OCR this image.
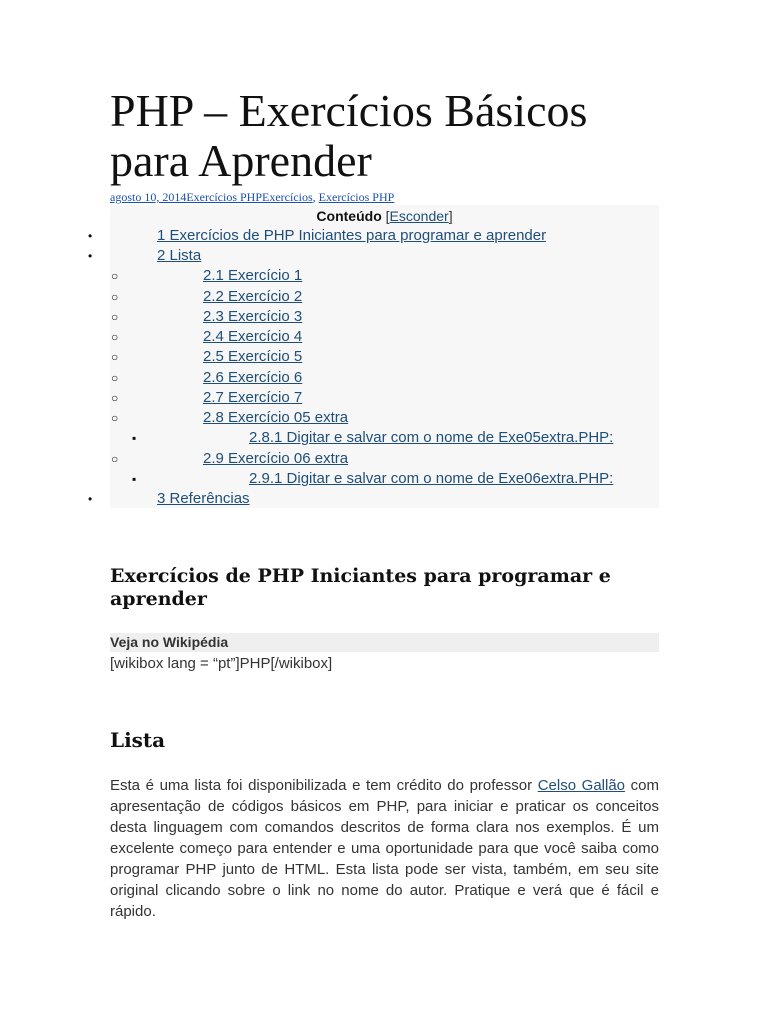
PHP – Exercícios Básicos para Aprender
agosto 10, 2014Exercícios PHPExercícios, Exercícios PHP
Conteúdo [Esconder]
•	1 Exercícios de PHP Iniciantes para programar e aprender
•	2 Lista
○	2.1 Exercício 1
○	2.2 Exercício 2
○	2.3 Exercício 3
○	2.4 Exercício 4
○	2.5 Exercício 5
○	2.6 Exercício 6
○	2.7 Exercício 7
○	2.8 Exercício 05 extra
▪	2.8.1 Digitar e salvar com o nome de Exe05extra.PHP:
○	2.9 Exercício 06 extra
▪	2.9.1 Digitar e salvar com o nome de Exe06extra.PHP:
•	3 Referências
Exercícios de PHP Iniciantes para programar e aprender
Veja no Wikipédia
[wikibox lang = “pt”]PHP[/wikibox]
Lista

Esta é uma lista foi disponibilizada e tem crédito do professor Celso Gallão com apresentação de códigos básicos em PHP, para iniciar e praticar os conceitos desta linguagem com comandos descritos de forma clara nos exemplos. É um excelente começo para entender e uma oportunidade para que você saiba como programar PHP junto de HTML. Esta lista pode ser vista, também, em seu site original clicando sobre o link no nome do autor. Pratique e verá que é fácil e rápido.
